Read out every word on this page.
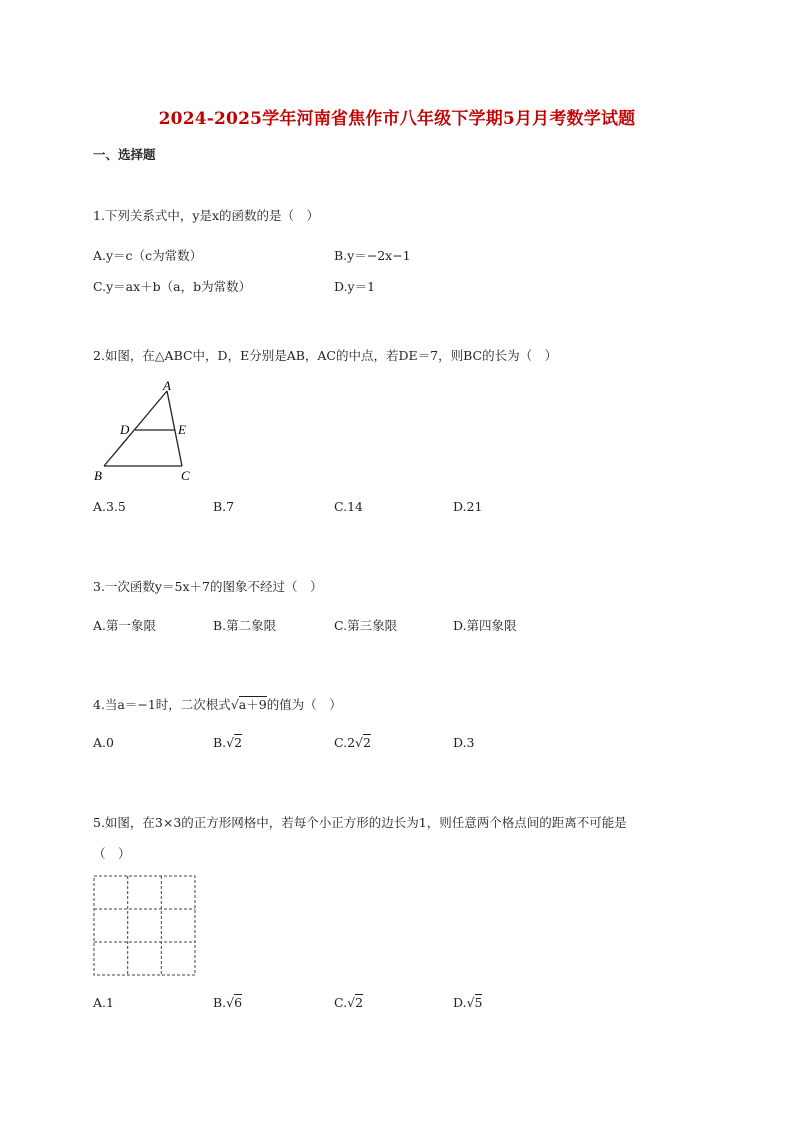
2024-2025学年河南省焦作市八年级下学期5月月考数学试题
一、选择题
1.下列关系式中，y是x的函数的是（　）
A.y＝c（c为常数）	B.y＝−2x−1
C.y＝ax＋b（a，b为常数）	D.y＝1
2.如图，在△ABC中，D，E分别是AB，AC的中点，若DE＝7，则BC的长为（　）
A
D	E
B	C
A.3.5	B.7	C.14	D.21
3.一次函数y＝5x＋7的图象不经过（　）
A.第一象限	B.第二象限	C.第三象限	D.第四象限
4.当a＝−1时，二次根式√a＋9的值为（　）
A.0	B.√2	C.2√2	D.3
5.如图，在3×3的正方形网格中，若每个小正方形的边长为1，则任意两个格点间的距离不可能是
（　）
A.1	B.√6	C.√2	D.√5
